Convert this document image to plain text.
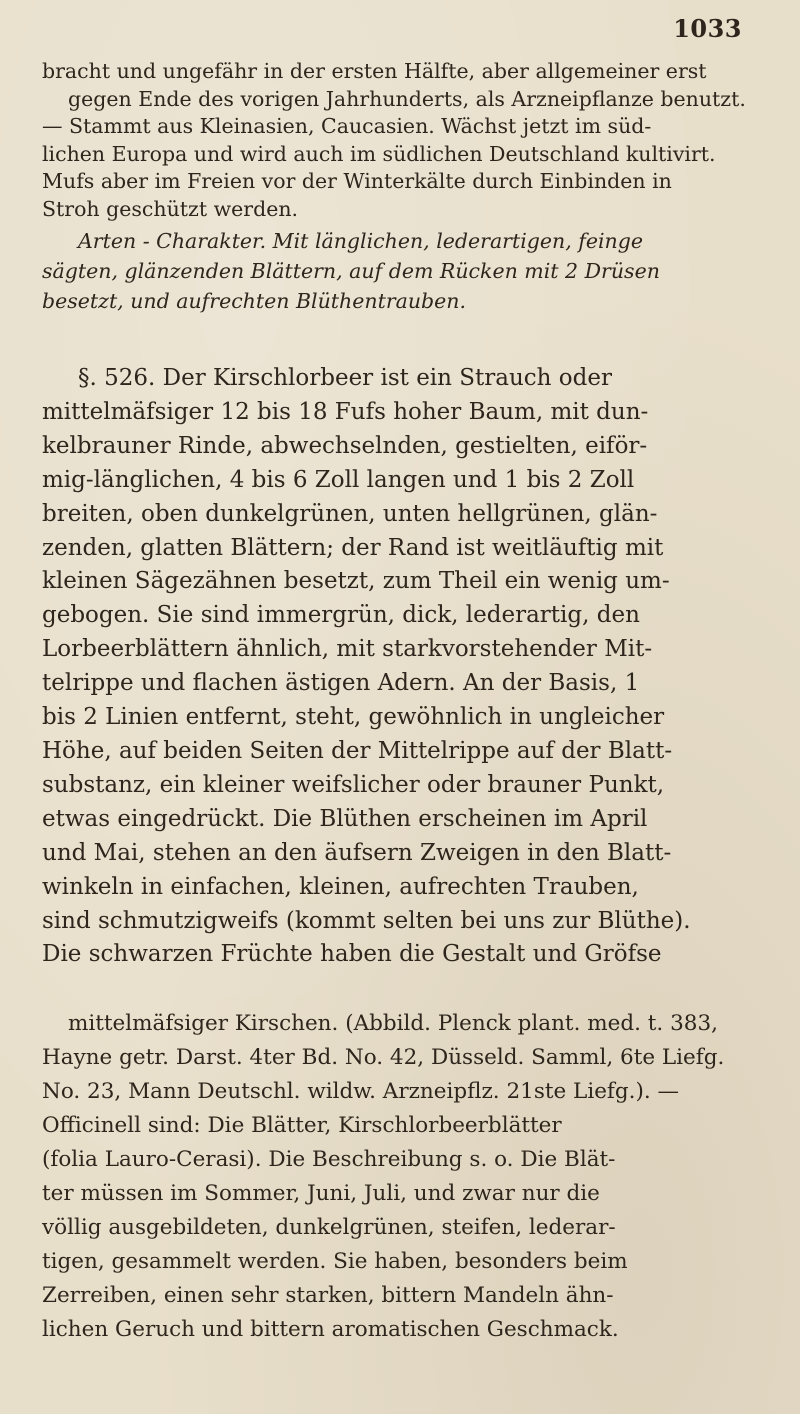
1033
bracht und ungefähr in der ersten Hälfte, aber allgemeiner erst
gegen Ende des vorigen Jahrhunderts, als Arzneipflanze benutzt.
— Stammt aus Kleinasien, Caucasien. Wächst jetzt im süd-
lichen Europa und wird auch im südlichen Deutschland kultivirt.
Mufs aber im Freien vor der Winterkälte durch Einbinden in
Stroh geschützt werden.
Arten - Charakter. Mit länglichen, lederartigen, feinge
sägten, glänzenden Blättern, auf dem Rücken mit 2 Drüsen
besetzt, und aufrechten Blüthentrauben.
§. 526. Der Kirschlorbeer ist ein Strauch oder
mittelmäfsiger 12 bis 18 Fufs hoher Baum, mit dun-
kelbrauner Rinde, abwechselnden, gestielten, eiför-
mig-länglichen, 4 bis 6 Zoll langen und 1 bis 2 Zoll
breiten, oben dunkelgrünen, unten hellgrünen, glän-
zenden, glatten Blättern; der Rand ist weitläuftig mit
kleinen Sägezähnen besetzt, zum Theil ein wenig um-
gebogen. Sie sind immergrün, dick, lederartig, den
Lorbeerblättern ähnlich, mit starkvorstehender Mit-
telrippe und flachen ästigen Adern. An der Basis, 1
bis 2 Linien entfernt, steht, gewöhnlich in ungleicher
Höhe, auf beiden Seiten der Mittelrippe auf der Blatt-
substanz, ein kleiner weifslicher oder brauner Punkt,
etwas eingedrückt. Die Blüthen erscheinen im April
und Mai, stehen an den äufsern Zweigen in den Blatt-
winkeln in einfachen, kleinen, aufrechten Trauben,
sind schmutzigweifs (kommt selten bei uns zur Blüthe).
Die schwarzen Früchte haben die Gestalt und Gröfse
mittelmäfsiger Kirschen. (Abbild. Plenck plant. med. t. 383,
Hayne getr. Darst. 4ter Bd. No. 42, Düsseld. Samml, 6te Liefg.
No. 23, Mann Deutschl. wildw. Arzneipflz. 21ste Liefg.). —
Officinell sind: Die Blätter, Kirschlorbeerblätter
(folia Lauro-Cerasi). Die Beschreibung s. o. Die Blät-
ter müssen im Sommer, Juni, Juli, und zwar nur die
völlig ausgebildeten, dunkelgrünen, steifen, lederar-
tigen, gesammelt werden. Sie haben, besonders beim
Zerreiben, einen sehr starken, bittern Mandeln ähn-
lichen Geruch und bittern aromatischen Geschmack.
